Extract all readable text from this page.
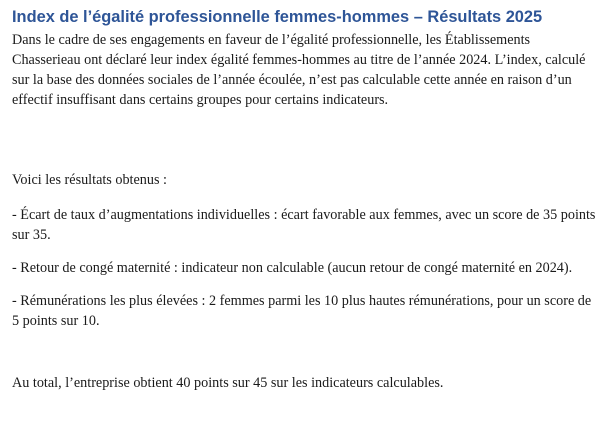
Index de l’égalité professionnelle femmes-hommes – Résultats 2025

Dans le cadre de ses engagements en faveur de l’égalité professionnelle, les Établissements Chasserieau ont déclaré leur index égalité femmes-hommes au titre de l’année 2024. L’index, calculé sur la base des données sociales de l’année écoulée, n’est pas calculable cette année en raison d’un effectif insuffisant dans certains groupes pour certains indicateurs.

Voici les résultats obtenus :

- Écart de taux d’augmentations individuelles : écart favorable aux femmes, avec un score de 35 points sur 35.
- Retour de congé maternité : indicateur non calculable (aucun retour de congé maternité en 2024).
- Rémunérations les plus élevées : 2 femmes parmi les 10 plus hautes rémunérations, pour un score de 5 points sur 10.

Au total, l’entreprise obtient 40 points sur 45 sur les indicateurs calculables.
